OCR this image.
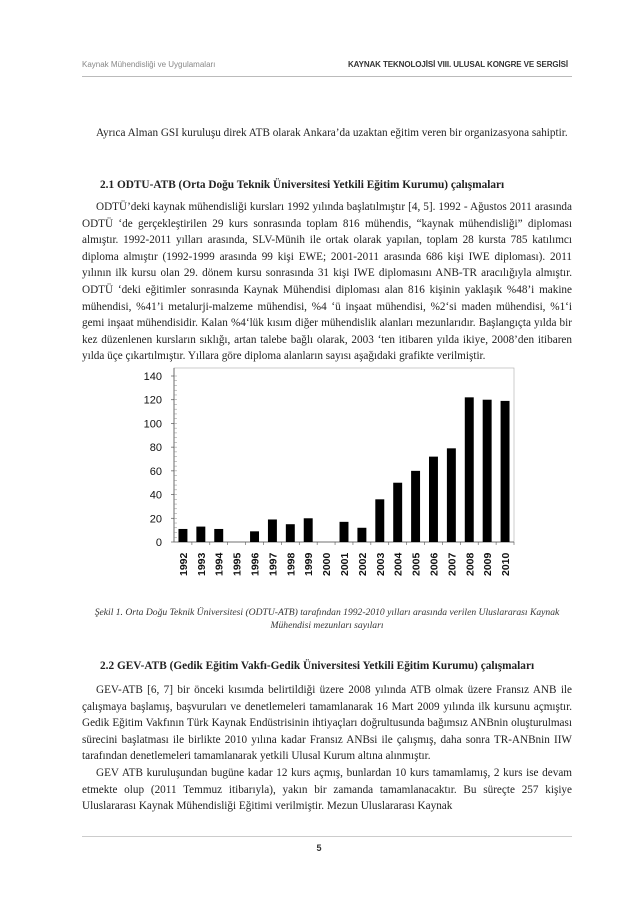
Kaynak Mühendisliği ve Uygulamaları	KAYNAK TEKNOLOJİSİ VIII. ULUSAL KONGRE VE SERGİSİ

Ayrıca Alman GSI kuruluşu direk ATB olarak Ankara’da uzaktan eğitim veren bir organizasyona sahiptir.

2.1 ODTU-ATB (Orta Doğu Teknik Üniversitesi Yetkili Eğitim Kurumu) çalışmaları

ODTÜ’deki kaynak mühendisliği kursları 1992 yılında başlatılmıştır [4, 5]. 1992 - Ağustos 2011 arasında ODTÜ ‘de gerçekleştirilen 29 kurs sonrasında toplam 816 mühendis, “kaynak mühendisliği” diploması almıştır. 1992-2011 yılları arasında, SLV-Münih ile ortak olarak yapılan, toplam 28 kursta 785 katılımcı diploma almıştır (1992-1999 arasında 99 kişi EWE; 2001-2011 arasında 686 kişi IWE diploması). 2011 yılının ilk kursu olan 29. dönem kursu sonrasında 31 kişi IWE diplomasını ANB-TR aracılığıyla almıştır. ODTÜ ‘deki eğitimler sonrasında Kaynak Mühendisi diploması alan 816 kişinin yaklaşık %48’i makine mühendisi, %41’i metalurji-malzeme mühendisi, %4 ‘ü inşaat mühendisi, %2‘si maden mühendisi, %1‘i gemi inşaat mühendisidir. Kalan %4‘lük kısım diğer mühendislik alanları mezunlarıdır. Başlangıçta yılda bir kez düzenlenen kursların sıklığı, artan talebe bağlı olarak, 2003 ‘ten itibaren yılda ikiye, 2008’den itibaren yılda üçe çıkartılmıştır. Yıllara göre diploma alanların sayısı aşağıdaki grafikte verilmiştir.

0
20
40
60
80
100
120
140
1992 1993 1994 1995 1996 1997 1998 1999 2000 2001 2002 2003 2004 2005 2006 2007 2008 2009 2010
Şekil 1. Orta Doğu Teknik Üniversitesi (ODTU-ATB) tarafından 1992-2010 yılları arasında verilen Uluslararası Kaynak Mühendisi mezunları sayıları
2.2 GEV-ATB (Gedik Eğitim Vakfı-Gedik Üniversitesi Yetkili Eğitim Kurumu) çalışmaları

GEV-ATB [6, 7] bir önceki kısımda belirtildiği üzere 2008 yılında ATB olmak üzere Fransız ANB ile çalışmaya başlamış, başvuruları ve denetlemeleri tamamlanarak 16 Mart 2009 yılında ilk kursunu açmıştır. Gedik Eğitim Vakfının Türk Kaynak Endüstrisinin ihtiyaçları doğrultusunda bağımsız ANBnin oluşturulması sürecini başlatması ile birlikte 2010 yılına kadar Fransız ANBsi ile çalışmış, daha sonra TR-ANBnin IIW tarafından denetlemeleri tamamlanarak yetkili Ulusal Kurum altına alınmıştır.

GEV ATB kuruluşundan bugüne kadar 12 kurs açmış, bunlardan 10 kurs tamamlamış, 2 kurs ise devam etmekte olup (2011 Temmuz itibarıyla), yakın bir zamanda tamamlanacaktır. Bu süreçte 257 kişiye Uluslararası Kaynak Mühendisliği Eğitimi verilmiştir. Mezun Uluslararası Kaynak

5
